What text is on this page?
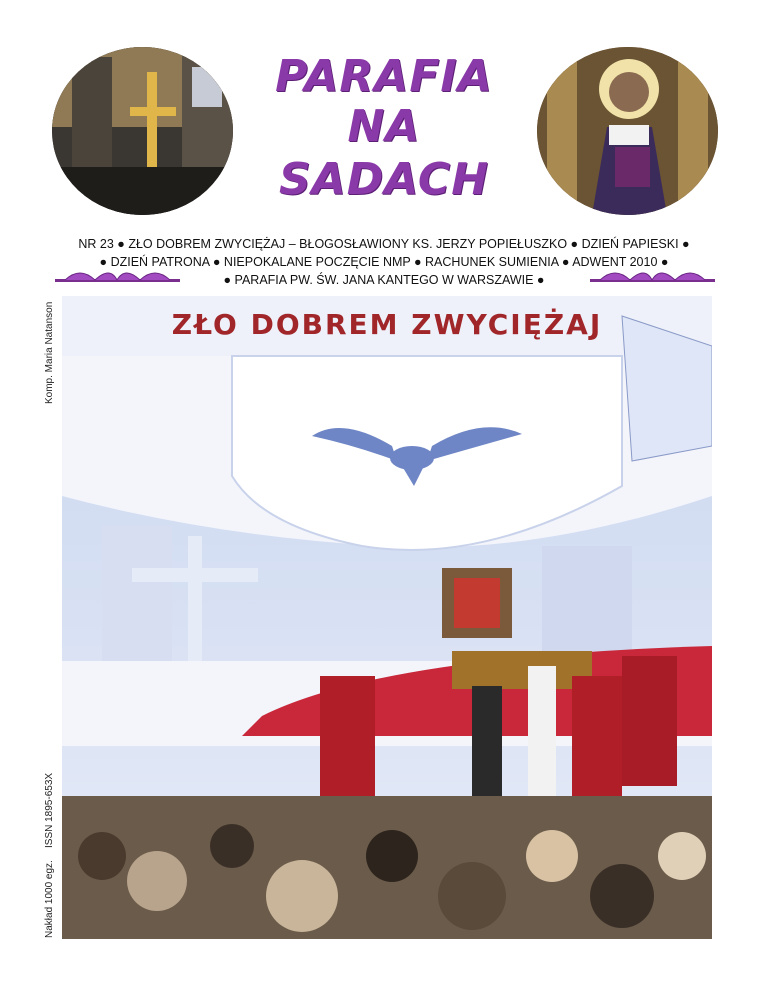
PARAFIA
NA
SADACH

NR 23 ● ZŁO DOBREM ZWYCIĘŻAJ – BŁOGOSŁAWIONY KS. JERZY POPIEŁUSZKO ● DZIEŃ PAPIESKI ●

● DZIEŃ PATRONA ● NIEPOKALANE POCZĘCIE NMP ● RACHUNEK SUMIENIA ● ADWENT 2010 ●

● PARAFIA PW. ŚW. JANA KANTEGO W WARSZAWIE ●

Komp. Maria Natanson
ISSN 1895-653X
Nakład 1000 egz.
ZŁO DOBREM ZWYCIĘŻAJ
